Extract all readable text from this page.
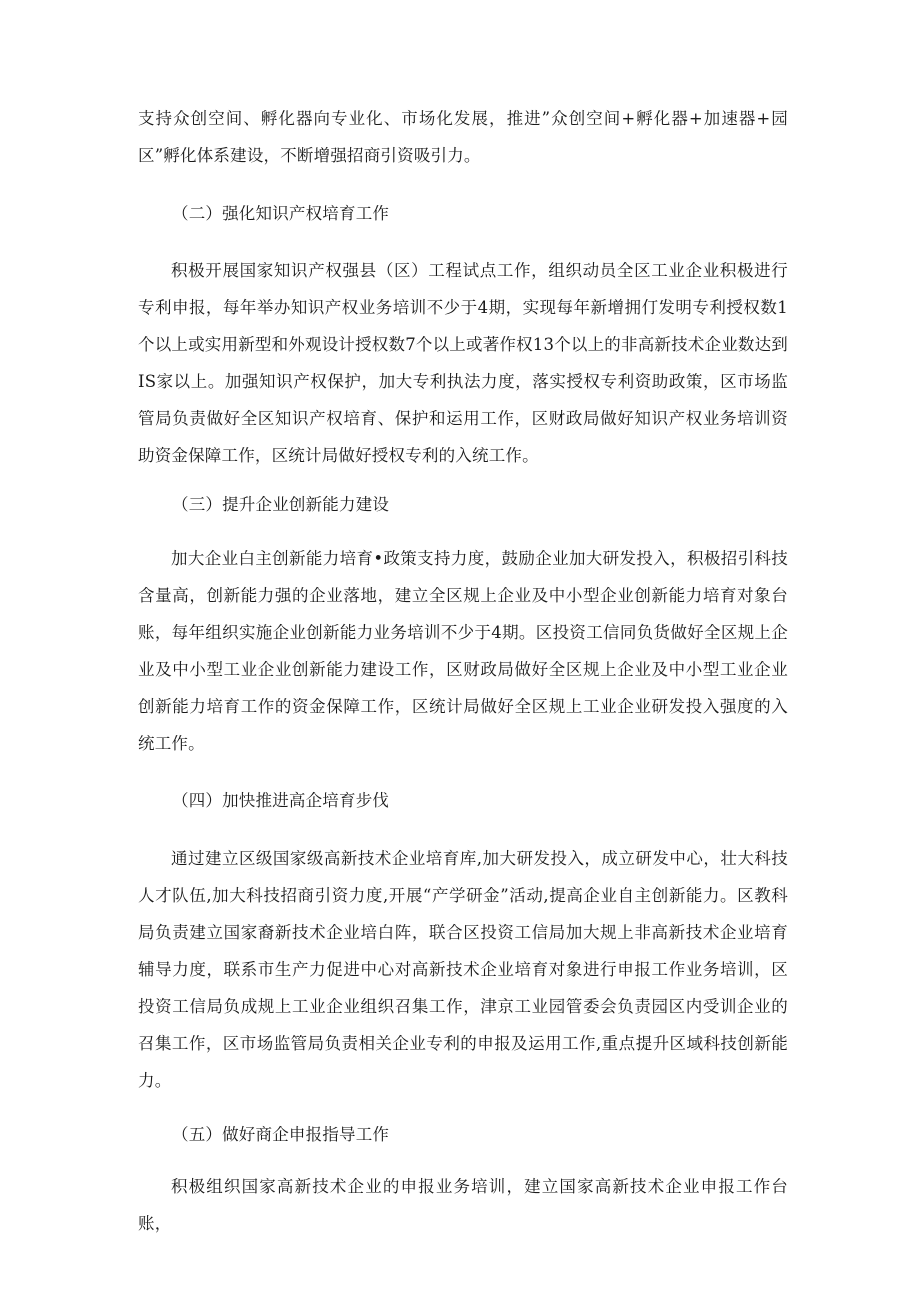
支持众创空间、孵化器向专业化、市场化发展，推进”众创空间+孵化器+加速器+园区”孵化体系建设，不断增强招商引资吸引力。

（二）强化知识产权培育工作

积极开展国家知识产权强县（区）工程试点工作，组织动员全区工业企业积极进行专利申报，每年举办知识产权业务培训不少于4期，实现每年新增拥仃发明专利授权数1个以上或实用新型和外观设计授权数7个以上或著作权13个以上的非高新技术企业数达到IS家以上。加强知识产权保护，加大专利执法力度，落实授权专利资助政策，区市场监管局负责做好全区知识产权培育、保护和运用工作，区财政局做好知识产权业务培训资助资金保障工作，区统计局做好授权专利的入统工作。

（三）提升企业创新能力建设

加大企业白主创新能力培育•政策支持力度，鼓励企业加大研发投入，积极招引科技含量高，创新能力强的企业落地，建立全区规上企业及中小型企业创新能力培育对象台账，每年组织实施企业创新能力业务培训不少于4期。区投资工信同负货做好全区规上企业及中小型工业企业创新能力建设工作，区财政局做好全区规上企业及中小型工业企业创新能力培育工作的资金保障工作，区统计局做好全区规上工业企业研发投入强度的入统工作。

（四）加快推进高企培育步伐

通过建立区级国家级高新技术企业培育库,加大研发投入，成立研发中心，壮大科技人才队伍,加大科技招商引资力度,开展“产学研金”活动,提高企业自主创新能力。区教科局负责建立国家裔新技术企业培白阵，联合区投资工信局加大规上非高新技术企业培育辅导力度，联系市生产力促进中心对高新技术企业培育对象进行申报工作业务培训，区投资工信局负成规上工业企业组织召集工作，津京工业园管委会负责园区内受训企业的召集工作，区市场监管局负责相关企业专利的申报及运用工作,重点提升区域科技创新能力。

（五）做好商企申报指导工作

积极组织国家高新技术企业的申报业务培训，建立国家高新技术企业申报工作台账，
